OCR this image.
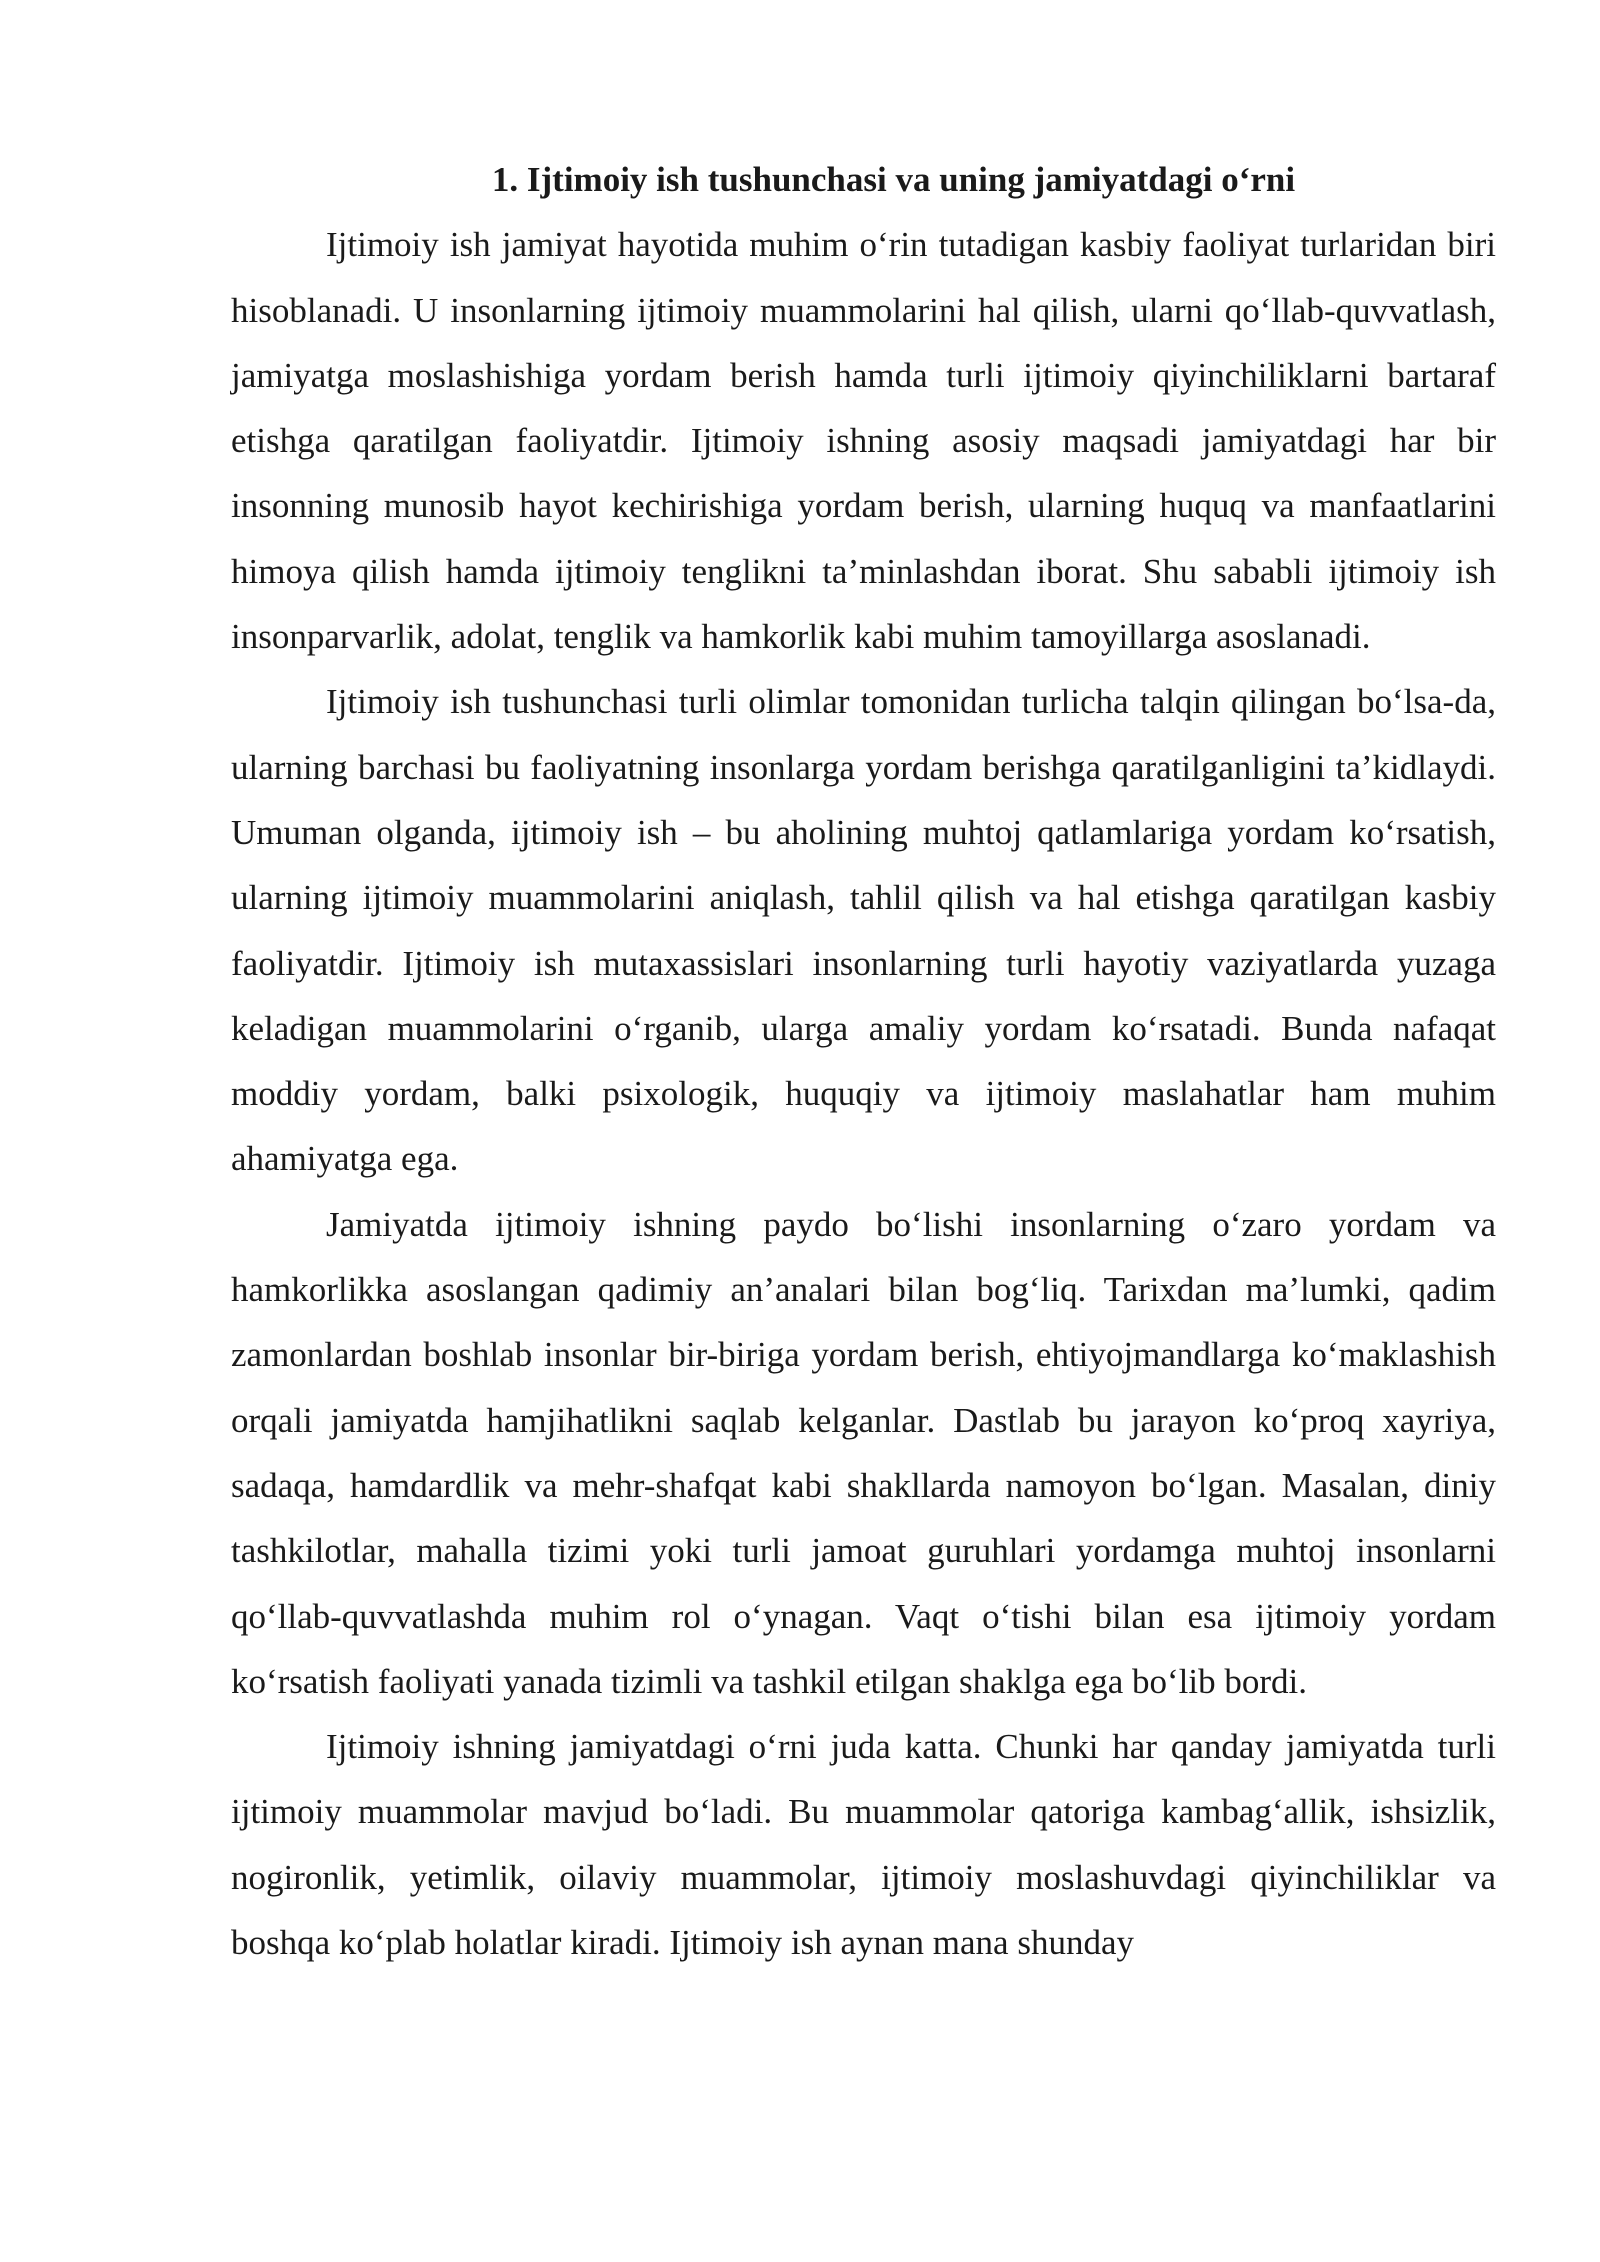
1. Ijtimoiy ish tushunchasi va uning jamiyatdagi o‘rni

Ijtimoiy ish jamiyat hayotida muhim o‘rin tutadigan kasbiy faoliyat turlaridan biri hisoblanadi. U insonlarning ijtimoiy muammolarini hal qilish, ularni qo‘llab-quvvatlash, jamiyatga moslashishiga yordam berish hamda turli ijtimoiy qiyinchiliklarni bartaraf etishga qaratilgan faoliyatdir. Ijtimoiy ishning asosiy maqsadi jamiyatdagi har bir insonning munosib hayot kechirishiga yordam berish, ularning huquq va manfaatlarini himoya qilish hamda ijtimoiy tenglikni ta’minlashdan iborat. Shu sababli ijtimoiy ish insonparvarlik, adolat, tenglik va hamkorlik kabi muhim tamoyillarga asoslanadi.

Ijtimoiy ish tushunchasi turli olimlar tomonidan turlicha talqin qilingan bo‘lsa-da, ularning barchasi bu faoliyatning insonlarga yordam berishga qaratilganligini ta’kidlaydi. Umuman olganda, ijtimoiy ish – bu aholining muhtoj qatlamlariga yordam ko‘rsatish, ularning ijtimoiy muammolarini aniqlash, tahlil qilish va hal etishga qaratilgan kasbiy faoliyatdir. Ijtimoiy ish mutaxassislari insonlarning turli hayotiy vaziyatlarda yuzaga keladigan muammolarini o‘rganib, ularga amaliy yordam ko‘rsatadi. Bunda nafaqat moddiy yordam, balki psixologik, huquqiy va ijtimoiy maslahatlar ham muhim ahamiyatga ega.

Jamiyatda ijtimoiy ishning paydo bo‘lishi insonlarning o‘zaro yordam va hamkorlikka asoslangan qadimiy an’analari bilan bog‘liq. Tarixdan ma’lumki, qadim zamonlardan boshlab insonlar bir-biriga yordam berish, ehtiyojmandlarga ko‘maklashish orqali jamiyatda hamjihatlikni saqlab kelganlar. Dastlab bu jarayon ko‘proq xayriya, sadaqa, hamdardlik va mehr-shafqat kabi shakllarda namoyon bo‘lgan. Masalan, diniy tashkilotlar, mahalla tizimi yoki turli jamoat guruhlari yordamga muhtoj insonlarni qo‘llab-quvvatlashda muhim rol o‘ynagan. Vaqt o‘tishi bilan esa ijtimoiy yordam ko‘rsatish faoliyati yanada tizimli va tashkil etilgan shaklga ega bo‘lib bordi.

Ijtimoiy ishning jamiyatdagi o‘rni juda katta. Chunki har qanday jamiyatda turli ijtimoiy muammolar mavjud bo‘ladi. Bu muammolar qatoriga kambag‘allik, ishsizlik, nogironlik, yetimlik, oilaviy muammolar, ijtimoiy moslashuvdagi qiyinchiliklar va boshqa ko‘plab holatlar kiradi. Ijtimoiy ish aynan mana shunday
